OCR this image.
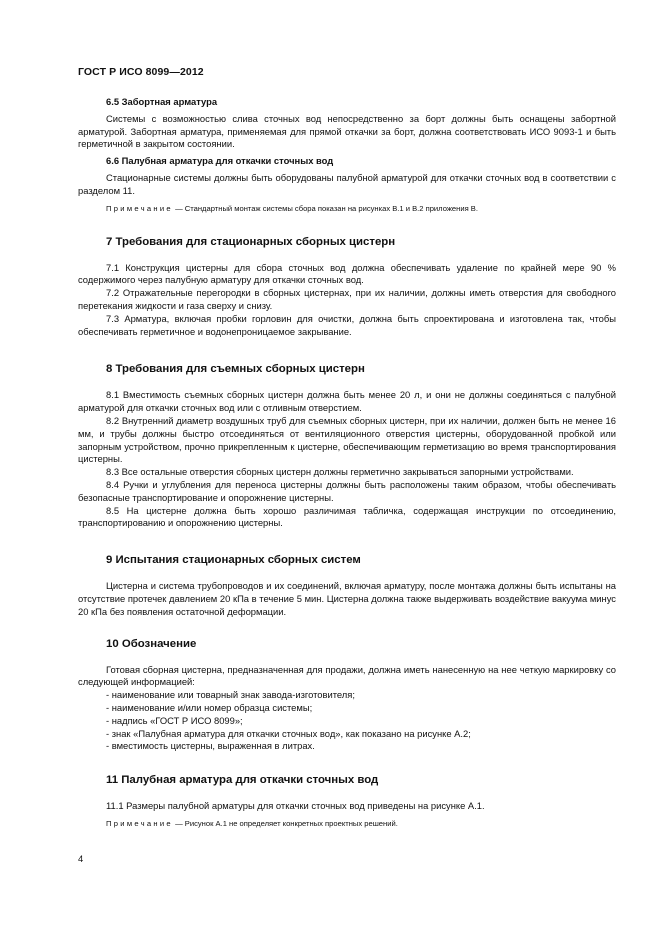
ГОСТ Р ИСО 8099—2012

6.5 Забортная арматура

Системы с возможностью слива сточных вод непосредственно за борт должны быть оснащены забортной арматурой. Забортная арматура, применяемая для прямой откачки за борт, должна соответствовать ИСО 9093-1 и быть герметичной в закрытом состоянии.

6.6 Палубная арматура для откачки сточных вод

Стационарные системы должны быть оборудованы палубной арматурой для откачки сточных вод в соответствии с разделом 11.

Примечание — Стандартный монтаж системы сбора показан на рисунках В.1 и В.2 приложения В.

7 Требования для стационарных сборных цистерн

7.1 Конструкция цистерны для сбора сточных вод должна обеспечивать удаление по крайней мере 90 % содержимого через палубную арматуру для откачки сточных вод.

7.2 Отражательные перегородки в сборных цистернах, при их наличии, должны иметь отверстия для свободного перетекания жидкости и газа сверху и снизу.

7.3 Арматура, включая пробки горловин для очистки, должна быть спроектирована и изготовлена так, чтобы обеспечивать герметичное и водонепроницаемое закрывание.

8 Требования для съемных сборных цистерн

8.1 Вместимость съемных сборных цистерн должна быть менее 20 л, и они не должны соединяться с палубной арматурой для откачки сточных вод или с отливным отверстием.

8.2 Внутренний диаметр воздушных труб для съемных сборных цистерн, при их наличии, должен быть не менее 16 мм, и трубы должны быстро отсоединяться от вентиляционного отверстия цистерны, оборудованной пробкой или запорным устройством, прочно прикрепленным к цистерне, обеспечивающим герметизацию во время транспортирования цистерны.

8.3 Все остальные отверстия сборных цистерн должны герметично закрываться запорными устройствами.

8.4 Ручки и углубления для переноса цистерны должны быть расположены таким образом, чтобы обеспечивать безопасные транспортирование и опорожнение цистерны.

8.5 На цистерне должна быть хорошо различимая табличка, содержащая инструкции по отсоединению, транспортированию и опорожнению цистерны.

9 Испытания стационарных сборных систем

Цистерна и система трубопроводов и их соединений, включая арматуру, после монтажа должны быть испытаны на отсутствие протечек давлением 20 кПа в течение 5 мин. Цистерна должна также выдерживать воздействие вакуума минус 20 кПа без появления остаточной деформации.

10 Обозначение

Готовая сборная цистерна, предназначенная для продажи, должна иметь нанесенную на нее четкую маркировку со следующей информацией:

- наименование или товарный знак завода-изготовителя;

- наименование и/или номер образца системы;

- надпись «ГОСТ Р ИСО 8099»;

- знак «Палубная арматура для откачки сточных вод», как показано на рисунке А.2;

- вместимость цистерны, выраженная в литрах.

11 Палубная арматура для откачки сточных вод

11.1 Размеры палубной арматуры для откачки сточных вод приведены на рисунке А.1.

Примечание — Рисунок А.1 не определяет конкретных проектных решений.

4
